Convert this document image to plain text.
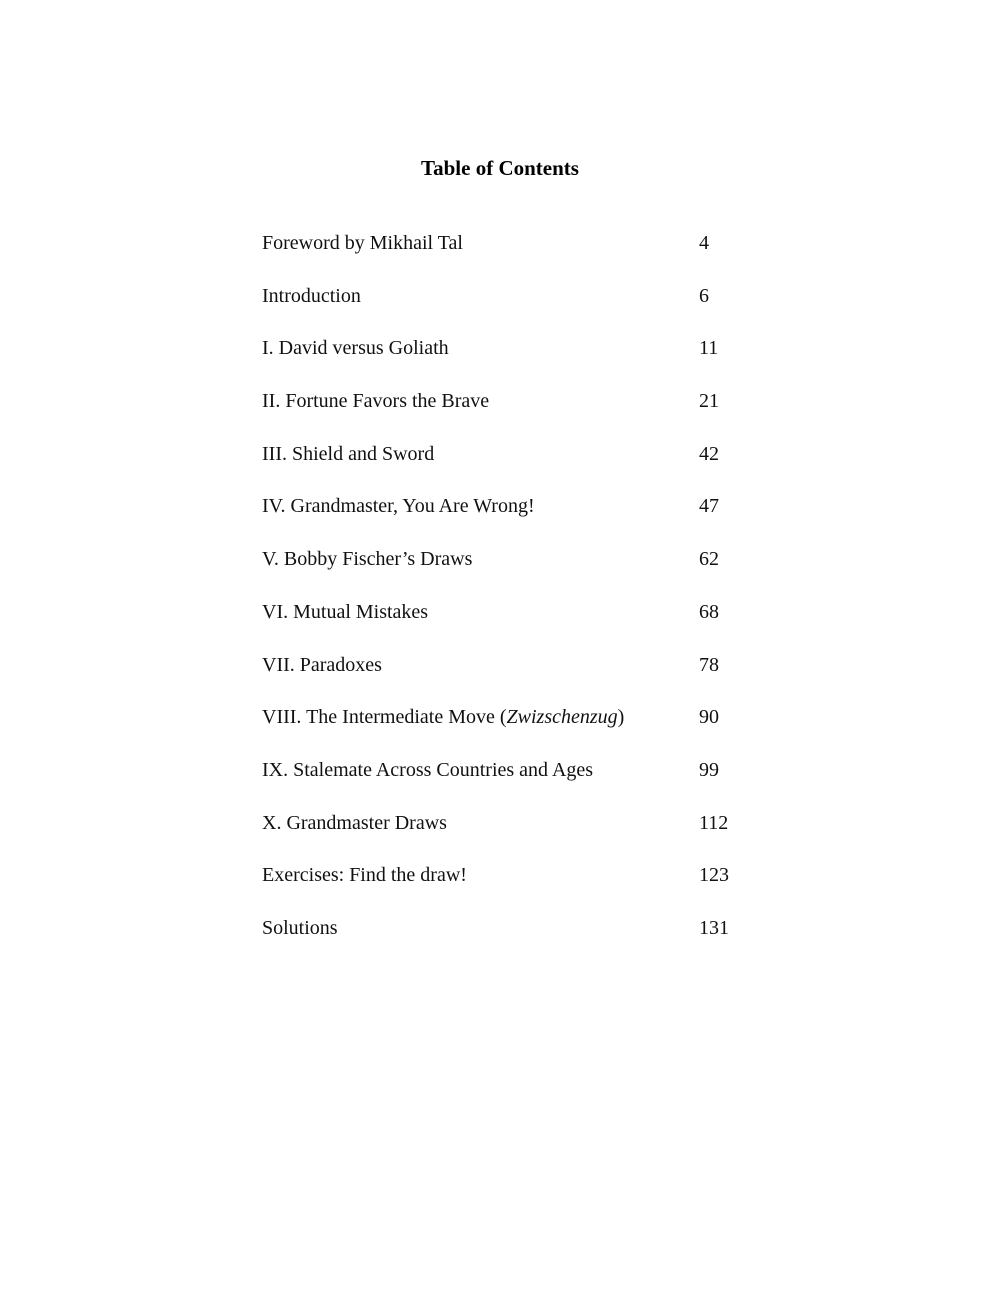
Table of Contents
Foreword by Mikhail Tal	4
Introduction	6
I. David versus Goliath	11
II. Fortune Favors the Brave	21
III. Shield and Sword	42
IV. Grandmaster, You Are Wrong!	47
V. Bobby Fischer’s Draws	62
VI. Mutual Mistakes	68
VII. Paradoxes	78
VIII. The Intermediate Move (Zwizschenzug)	90
IX. Stalemate Across Countries and Ages	99
X. Grandmaster Draws	112
Exercises: Find the draw!	123
Solutions	131
